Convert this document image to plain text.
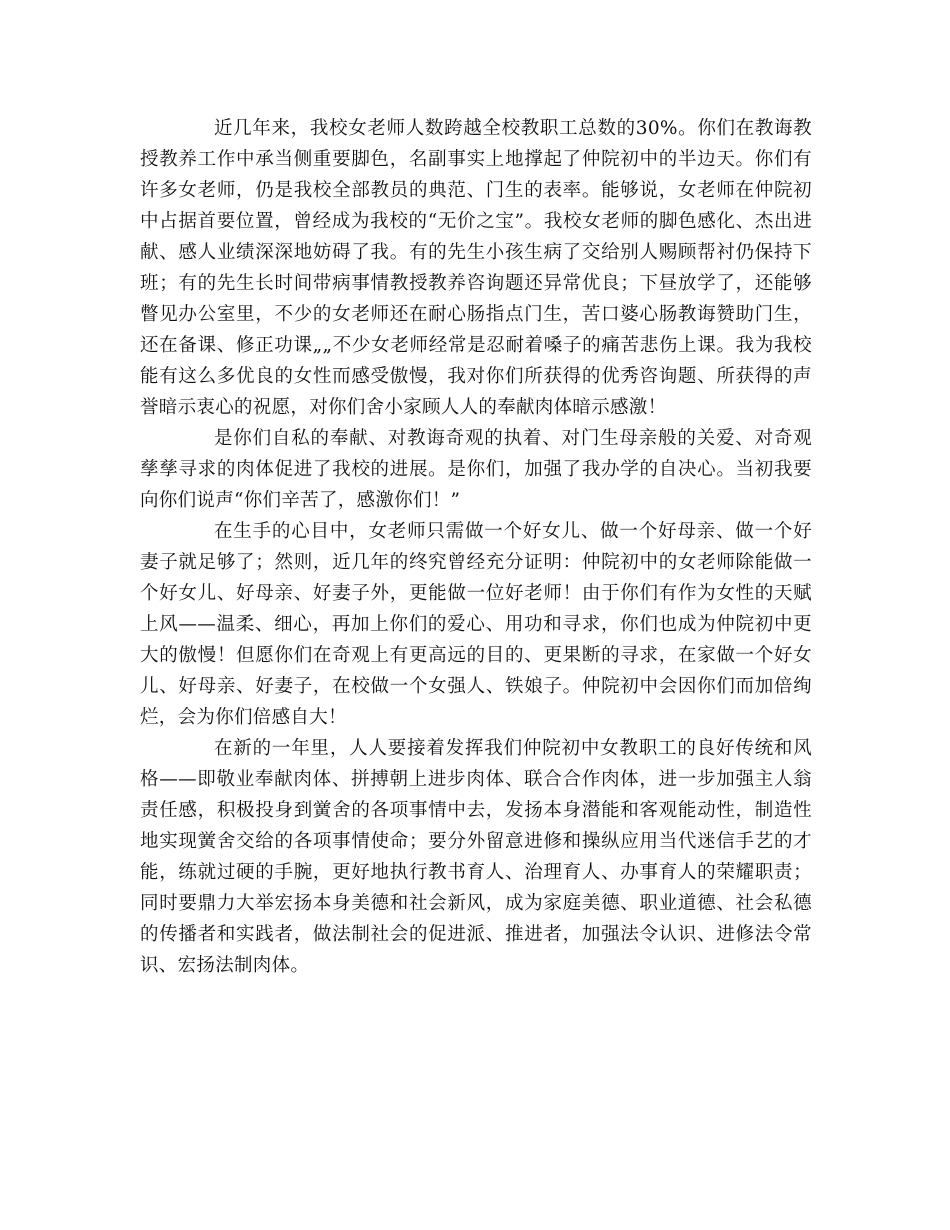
近几年来，我校女老师人数跨越全校教职工总数的30%。你们在教诲教授教养工作中承当侧重要脚色，名副事实上地撑起了仲院初中的半边天。你们有许多女老师，仍是我校全部教员的典范、门生的表率。能够说，女老师在仲院初中占据首要位置，曾经成为我校的“无价之宝”。我校女老师的脚色感化、杰出进献、感人业绩深深地妨碍了我。有的先生小孩生病了交给别人赐顾帮衬仍保持下班；有的先生长时间带病事情教授教养咨询题还异常优良；下昼放学了，还能够瞥见办公室里，不少的女老师还在耐心肠指点门生，苦口婆心肠教诲赞助门生，还在备课、修正功课„„不少女老师经常是忍耐着嗓子的痛苦悲伤上课。我为我校能有这么多优良的女性而感受傲慢，我对你们所获得的优秀咨询题、所获得的声誉暗示衷心的祝愿，对你们舍小家顾人人的奉献肉体暗示感激！

是你们自私的奉献、对教诲奇观的执着、对门生母亲般的关爱、对奇观孳孳寻求的肉体促进了我校的进展。是你们，加强了我办学的自决心。当初我要向你们说声“你们辛苦了，感激你们！”

在生手的心目中，女老师只需做一个好女儿、做一个好母亲、做一个好妻子就足够了；然则，近几年的终究曾经充分证明：仲院初中的女老师除能做一个好女儿、好母亲、好妻子外，更能做一位好老师！由于你们有作为女性的天赋上风——温柔、细心，再加上你们的爱心、用功和寻求，你们也成为仲院初中更大的傲慢！但愿你们在奇观上有更高远的目的、更果断的寻求，在家做一个好女儿、好母亲、好妻子，在校做一个女强人、铁娘子。仲院初中会因你们而加倍绚烂，会为你们倍感自大！

在新的一年里，人人要接着发挥我们仲院初中女教职工的良好传统和风格——即敬业奉献肉体、拼搏朝上进步肉体、联合合作肉体，进一步加强主人翁责任感，积极投身到黉舍的各项事情中去，发扬本身潜能和客观能动性，制造性地实现黉舍交给的各项事情使命；要分外留意进修和操纵应用当代迷信手艺的才能，练就过硬的手腕，更好地执行教书育人、治理育人、办事育人的荣耀职责；同时要鼎力大举宏扬本身美德和社会新风，成为家庭美德、职业道德、社会私德的传播者和实践者，做法制社会的促进派、推进者，加强法令认识、进修法令常识、宏扬法制肉体。
